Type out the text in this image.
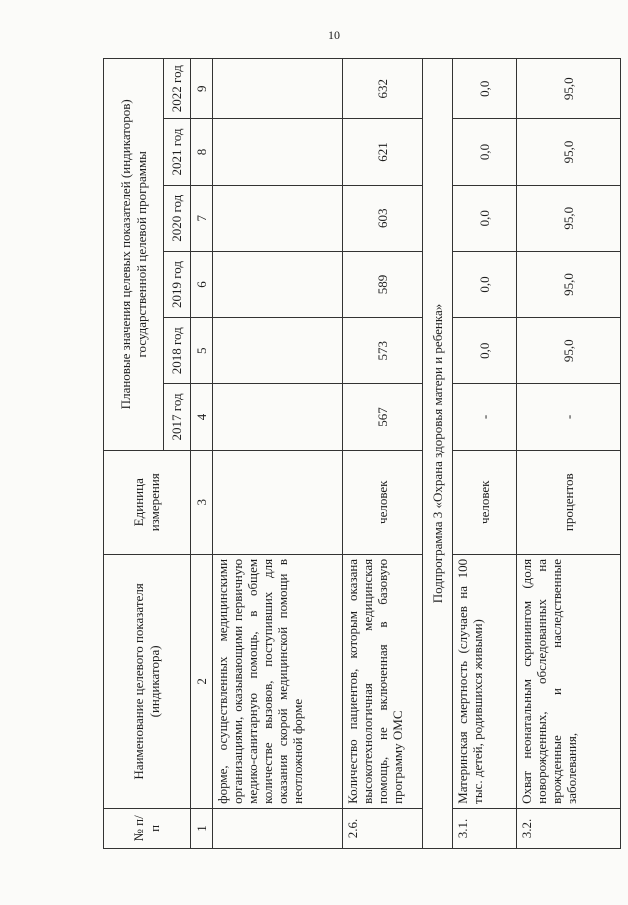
10
№ п/п	Наименование целевого показателя (индикатора)	Единица измерения	Плановые значения целевых показателей (индикаторов) государственной целевой программы					
			2017 год	2018 год	2019 год	2020 год	2021 год	2022 год
1	2	3	4	5	6	7	8	9
	форме, осуществленных медицинскими организациями, оказывающими первичную медико-санитарную помощь, в общем количестве вызовов, поступивших для оказания скорой медицинской помощи в неотложной форме							
2.6.	Количество пациентов, которым оказана высокотехнологичная медицинская помощь, не включенная в базовую программу ОМС	человек	567	573	589	603	621	632
Подпрограмма 3 «Охрана здоровья матери и ребенка»								
3.1.	Материнская смертность (случаев на 100 тыс. детей, родившихся живыми)	человек	-	0,0	0,0	0,0	0,0	0,0
3.2.	Охват неонатальным скринингом (доля новорожденных, обследованных на врожденные и наследственные заболевания,	процентов	-	95,0	95,0	95,0	95,0	95,0
